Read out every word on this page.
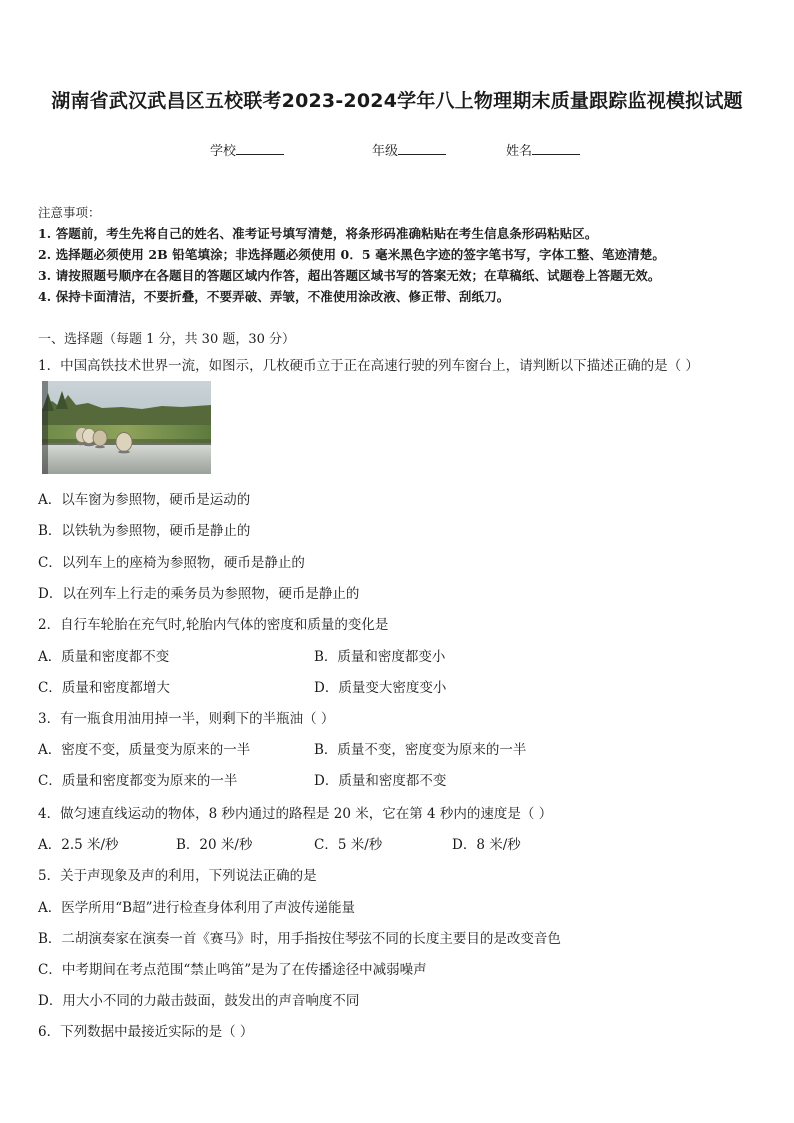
湖南省武汉武昌区五校联考2023-2024学年八上物理期末质量跟踪监视模拟试题
学校	年级	姓名
注意事项：
1. 答题前，考生先将自己的姓名、准考证号填写清楚，将条形码准确粘贴在考生信息条形码粘贴区。
2. 选择题必须使用 2B 铅笔填涂；非选择题必须使用 0．5 毫米黑色字迹的签字笔书写，字体工整、笔迹清楚。
3. 请按照题号顺序在各题目的答题区域内作答，超出答题区域书写的答案无效；在草稿纸、试题卷上答题无效。
4. 保持卡面清洁，不要折叠，不要弄破、弄皱，不准使用涂改液、修正带、刮纸刀。
一、选择题（每题 1 分，共 30 题，30 分）
1．中国高铁技术世界一流，如图示，几枚硬币立于正在高速行驶的列车窗台上，请判断以下描述正确的是（ ）
A．以车窗为参照物，硬币是运动的
B．以铁轨为参照物，硬币是静止的
C．以列车上的座椅为参照物，硬币是静止的
D．以在列车上行走的乘务员为参照物，硬币是静止的
2．自行车轮胎在充气时,轮胎内气体的密度和质量的变化是
A．质量和密度都不变	B．质量和密度都变小
C．质量和密度都增大	D．质量变大密度变小
3．有一瓶食用油用掉一半，则剩下的半瓶油（ ）
A．密度不变，质量变为原来的一半	B．质量不变，密度变为原来的一半
C．质量和密度都变为原来的一半	D．质量和密度都不变
4．做匀速直线运动的物体，8 秒内通过的路程是 20 米，它在第 4 秒内的速度是（ ）
A．2.5 米/秒	B．20 米/秒	C．5 米/秒	D．8 米/秒
5．关于声现象及声的利用，下列说法正确的是
A．医学所用“B超”进行检查身体利用了声波传递能量
B．二胡演奏家在演奏一首《赛马》时，用手指按住琴弦不同的长度主要目的是改变音色
C．中考期间在考点范围“禁止鸣笛”是为了在传播途径中减弱噪声
D．用大小不同的力敲击鼓面，鼓发出的声音响度不同
6．下列数据中最接近实际的是（ ）
